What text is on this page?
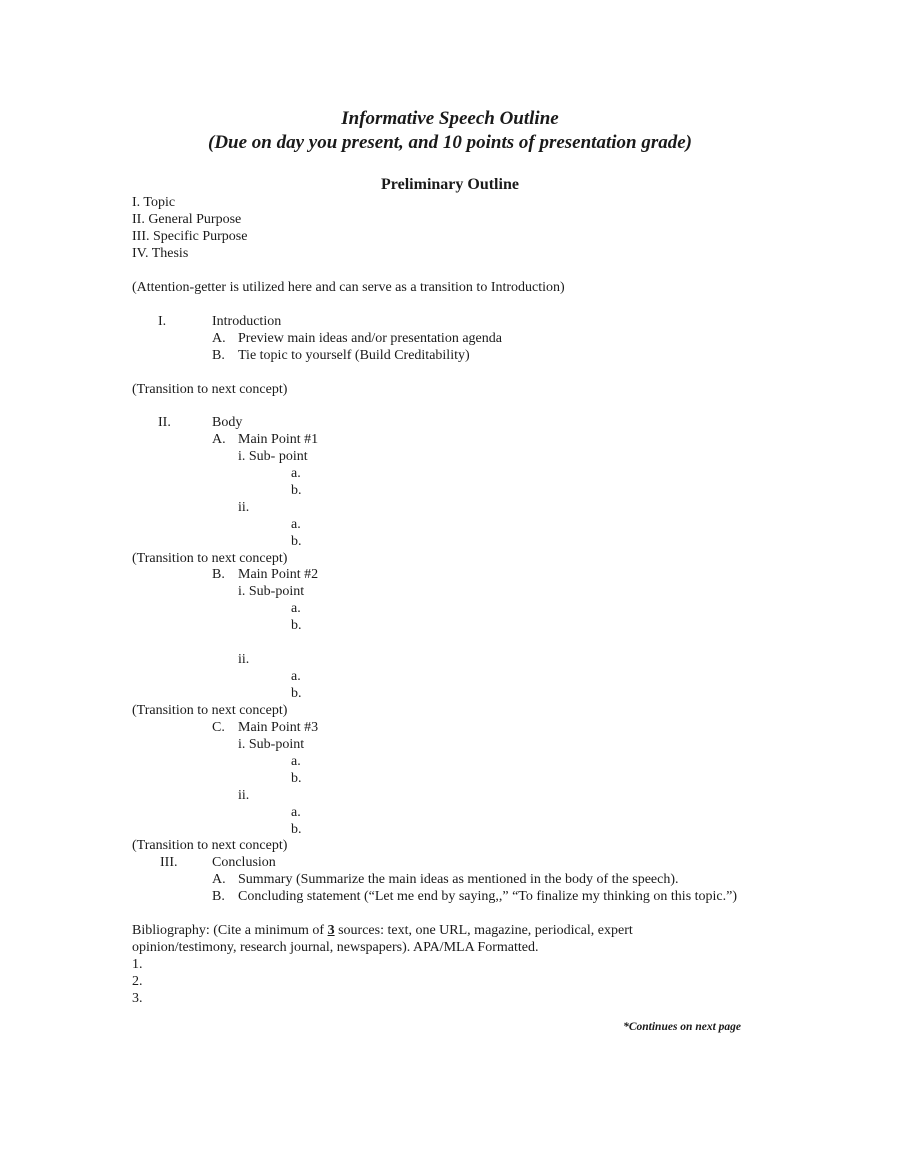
Informative Speech Outline
(Due on day you present, and 10 points of presentation grade)
Preliminary Outline
I. Topic
II. General Purpose
III. Specific Purpose
IV. Thesis
(Attention-getter is utilized here and can serve as a transition to Introduction)
I.	Introduction
A. Preview main ideas and/or presentation agenda
B. Tie topic to yourself (Build Creditability)
(Transition to next concept)
II.	Body
A. Main Point #1
i. Sub- point
a.
b.
ii.
a.
b.
(Transition to next concept)
B. Main Point #2
i. Sub-point
a.
b.
ii.
a.
b.
(Transition to next concept)
C. Main Point #3
i. Sub-point
a.
b.
ii.
a.
b.
(Transition to next concept)
III. Conclusion
A. Summary (Summarize the main ideas as mentioned in the body of the speech).
B. Concluding statement (“Let me end by saying,,” “To finalize my thinking on this topic.”)
Bibliography: (Cite a minimum of 3 sources: text, one URL, magazine, periodical, expert
opinion/testimony, research journal, newspapers). APA/MLA Formatted.
1.
2.
3.
*Continues on next page
